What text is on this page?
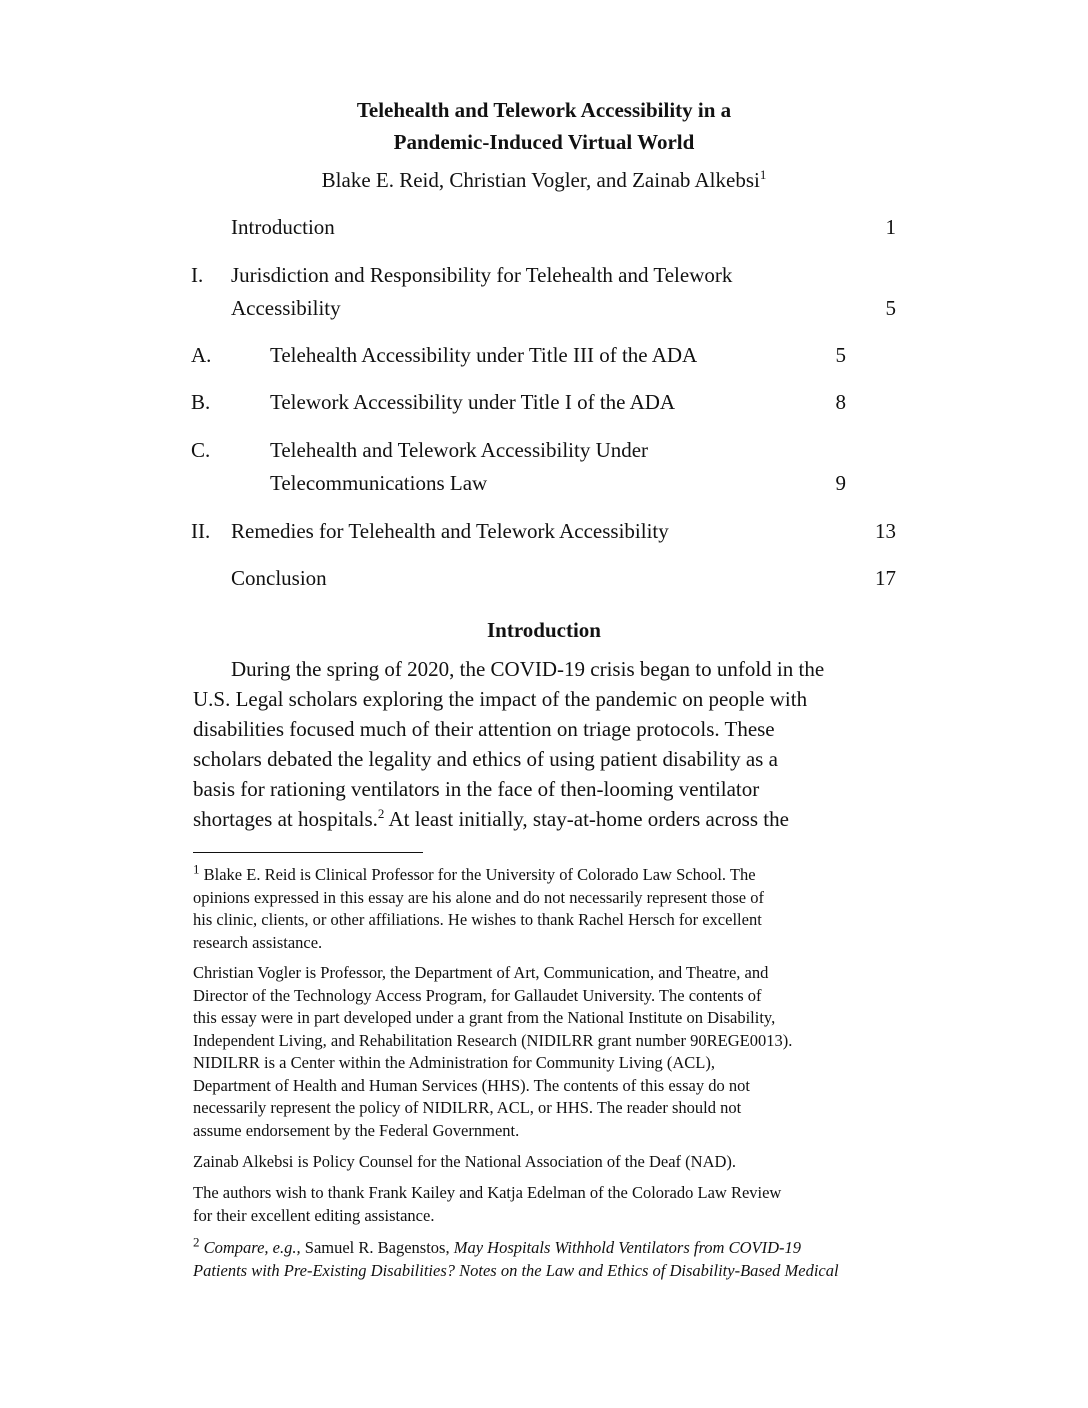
Telehealth and Telework Accessibility in a
Pandemic-Induced Virtual World
Blake E. Reid, Christian Vogler, and Zainab Alkebsi$^1$
Introduction	1
I. Jurisdiction and Responsibility for Telehealth and Telework
Accessibility	5
A.	Telehealth Accessibility under Title III of the ADA	5
B.	Telework Accessibility under Title I of the ADA	8
C.	Telehealth and Telework Accessibility Under
Telecommunications Law	9
II. Remedies for Telehealth and Telework Accessibility	13
Conclusion	17
Introduction
During the spring of 2020, the COVID-19 crisis began to unfold in the
U.S. Legal scholars exploring the impact of the pandemic on people with
disabilities focused much of their attention on triage protocols. These
scholars debated the legality and ethics of using patient disability as a
basis for rationing ventilators in the face of then-looming ventilator
shortages at hospitals.$^2$ At least initially, stay-at-home orders across the
$^1$ Blake E. Reid is Clinical Professor for the University of Colorado Law School. The
opinions expressed in this essay are his alone and do not necessarily represent those of
his clinic, clients, or other affiliations. He wishes to thank Rachel Hersch for excellent
research assistance.
Christian Vogler is Professor, the Department of Art, Communication, and Theatre, and
Director of the Technology Access Program, for Gallaudet University. The contents of
this essay were in part developed under a grant from the National Institute on Disability,
Independent Living, and Rehabilitation Research (NIDILRR grant number 90REGE0013).
NIDILRR is a Center within the Administration for Community Living (ACL),
Department of Health and Human Services (HHS). The contents of this essay do not
necessarily represent the policy of NIDILRR, ACL, or HHS. The reader should not
assume endorsement by the Federal Government.
Zainab Alkebsi is Policy Counsel for the National Association of the Deaf (NAD).
The authors wish to thank Frank Kailey and Katja Edelman of the Colorado Law Review
for their excellent editing assistance.
$^2$ Compare, e.g., Samuel R. Bagenstos, May Hospitals Withhold Ventilators from COVID-19
Patients with Pre-Existing Disabilities? Notes on the Law and Ethics of Disability-Based Medical
